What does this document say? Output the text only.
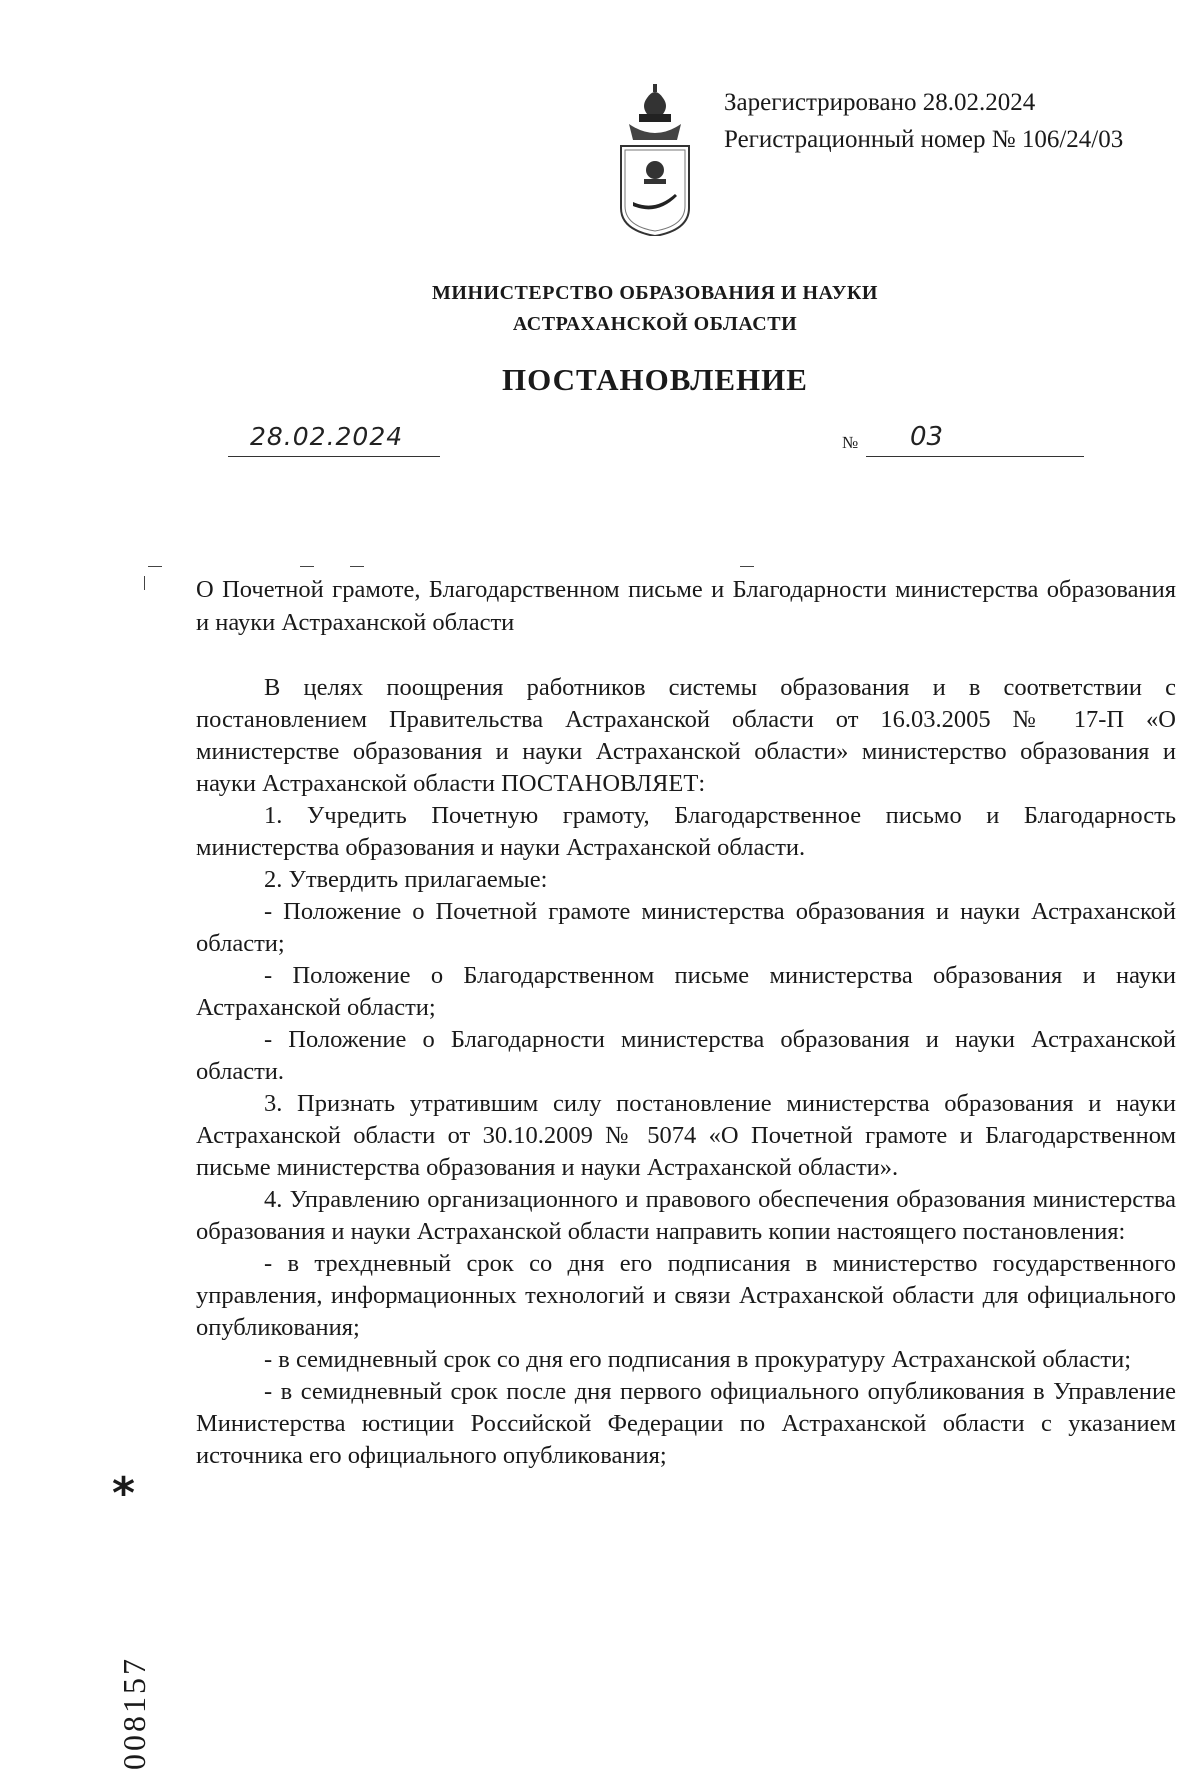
Зарегистрировано 28.02.2024
Регистрационный номер № 106/24/03
МИНИСТЕРСТВО ОБРАЗОВАНИЯ И НАУКИ
АСТРАХАНСКОЙ ОБЛАСТИ
ПОСТАНОВЛЕНИЕ
28.02.2024	№ 03
О Почетной грамоте, Благодарственном письме и Благодарности министерства образования и науки Астраханской области

В целях поощрения работников системы образования и в соответствии с постановлением Правительства Астраханской области от 16.03.2005 № 17-П «О министерстве образования и науки Астраханской области» министерство образования и науки Астраханской области ПОСТАНОВЛЯЕТ:

1. Учредить Почетную грамоту, Благодарственное письмо и Благодарность министерства образования и науки Астраханской области.

2. Утвердить прилагаемые:

- Положение о Почетной грамоте министерства образования и науки Астраханской области;

- Положение о Благодарственном письме министерства образования и науки Астраханской области;

- Положение о Благодарности министерства образования и науки Астраханской области.

3. Признать утратившим силу постановление министерства образования и науки Астраханской области от 30.10.2009 № 5074 «О Почетной грамоте и Благодарственном письме министерства образования и науки Астраханской области».

4. Управлению организационного и правового обеспечения образования министерства образования и науки Астраханской области направить копии настоящего постановления:

- в трехдневный срок со дня его подписания в министерство государственного управления, информационных технологий и связи Астраханской области для официального опубликования;

- в семидневный срок со дня его подписания в прокуратуру Астраханской области;

- в семидневный срок после дня первого официального опубликования в Управление Министерства юстиции Российской Федерации по Астраханской области с указанием источника его официального опубликования;

*
008157
